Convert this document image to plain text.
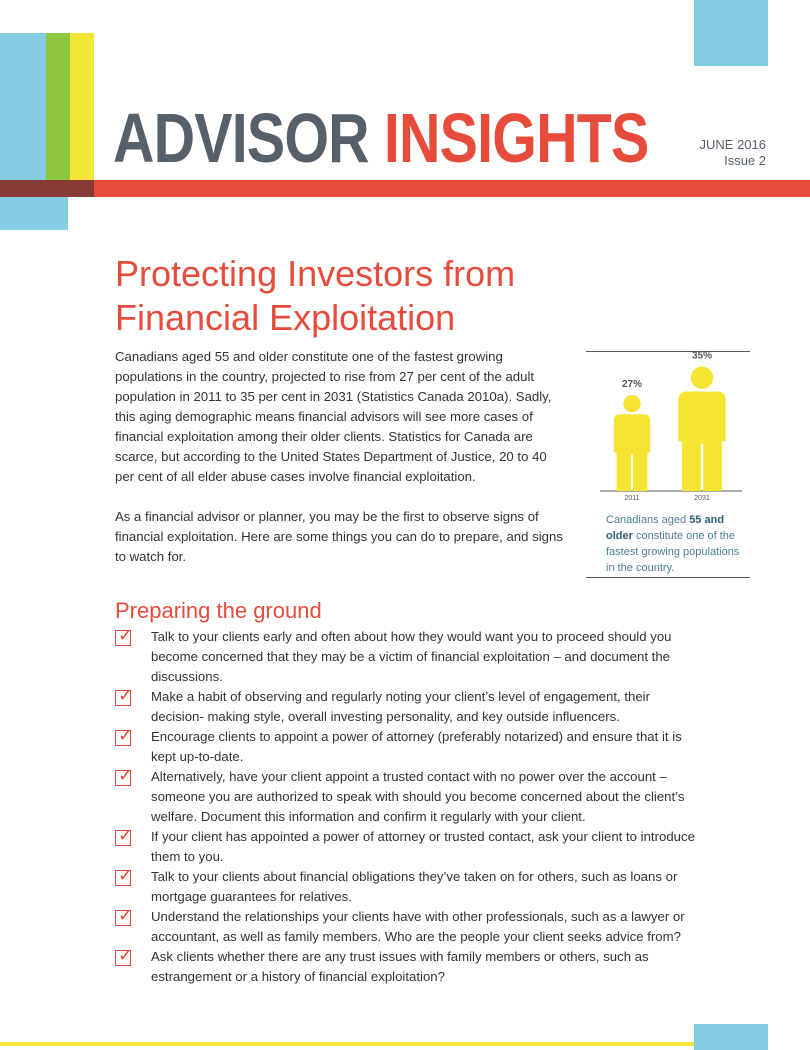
ADVISOR INSIGHTS	JUNE 2016
Issue 2
Protecting Investors from
Financial Exploitation

Canadians aged 55 and older constitute one of the fastest growing populations in the country, projected to rise from 27 per cent of the adult population in 2011 to 35 per cent in 2031 (Statistics Canada 2010a). Sadly, this aging demographic means financial advisors will see more cases of financial exploitation among their older clients. Statistics for Canada are scarce, but according to the United States Department of Justice, 20 to 40 per cent of all elder abuse cases involve financial exploitation.

As a financial advisor or planner, you may be the first to observe signs of financial exploitation. Here are some things you can do to prepare, and signs to watch for.

27%
2011
35%
2031
Canadians aged 55 and older constitute one of the fastest growing populations in the country.
Preparing the ground
✓ Talk to your clients early and often about how they would want you to proceed should you become concerned that they may be a victim of financial exploitation – and document the discussions.
✓ Make a habit of observing and regularly noting your client’s level of engagement, their decision- making style, overall investing personality, and key outside influencers.
✓ Encourage clients to appoint a power of attorney (preferably notarized) and ensure that it is kept up-to-date.
✓ Alternatively, have your client appoint a trusted contact with no power over the account – someone you are authorized to speak with should you become concerned about the client’s welfare. Document this information and confirm it regularly with your client.
✓ If your client has appointed a power of attorney or trusted contact, ask your client to introduce them to you.
✓ Talk to your clients about financial obligations they’ve taken on for others, such as loans or mortgage guarantees for relatives.
✓ Understand the relationships your clients have with other professionals, such as a lawyer or accountant, as well as family members. Who are the people your client seeks advice from?
✓ Ask clients whether there are any trust issues with family members or others, such as estrangement or a history of financial exploitation?
